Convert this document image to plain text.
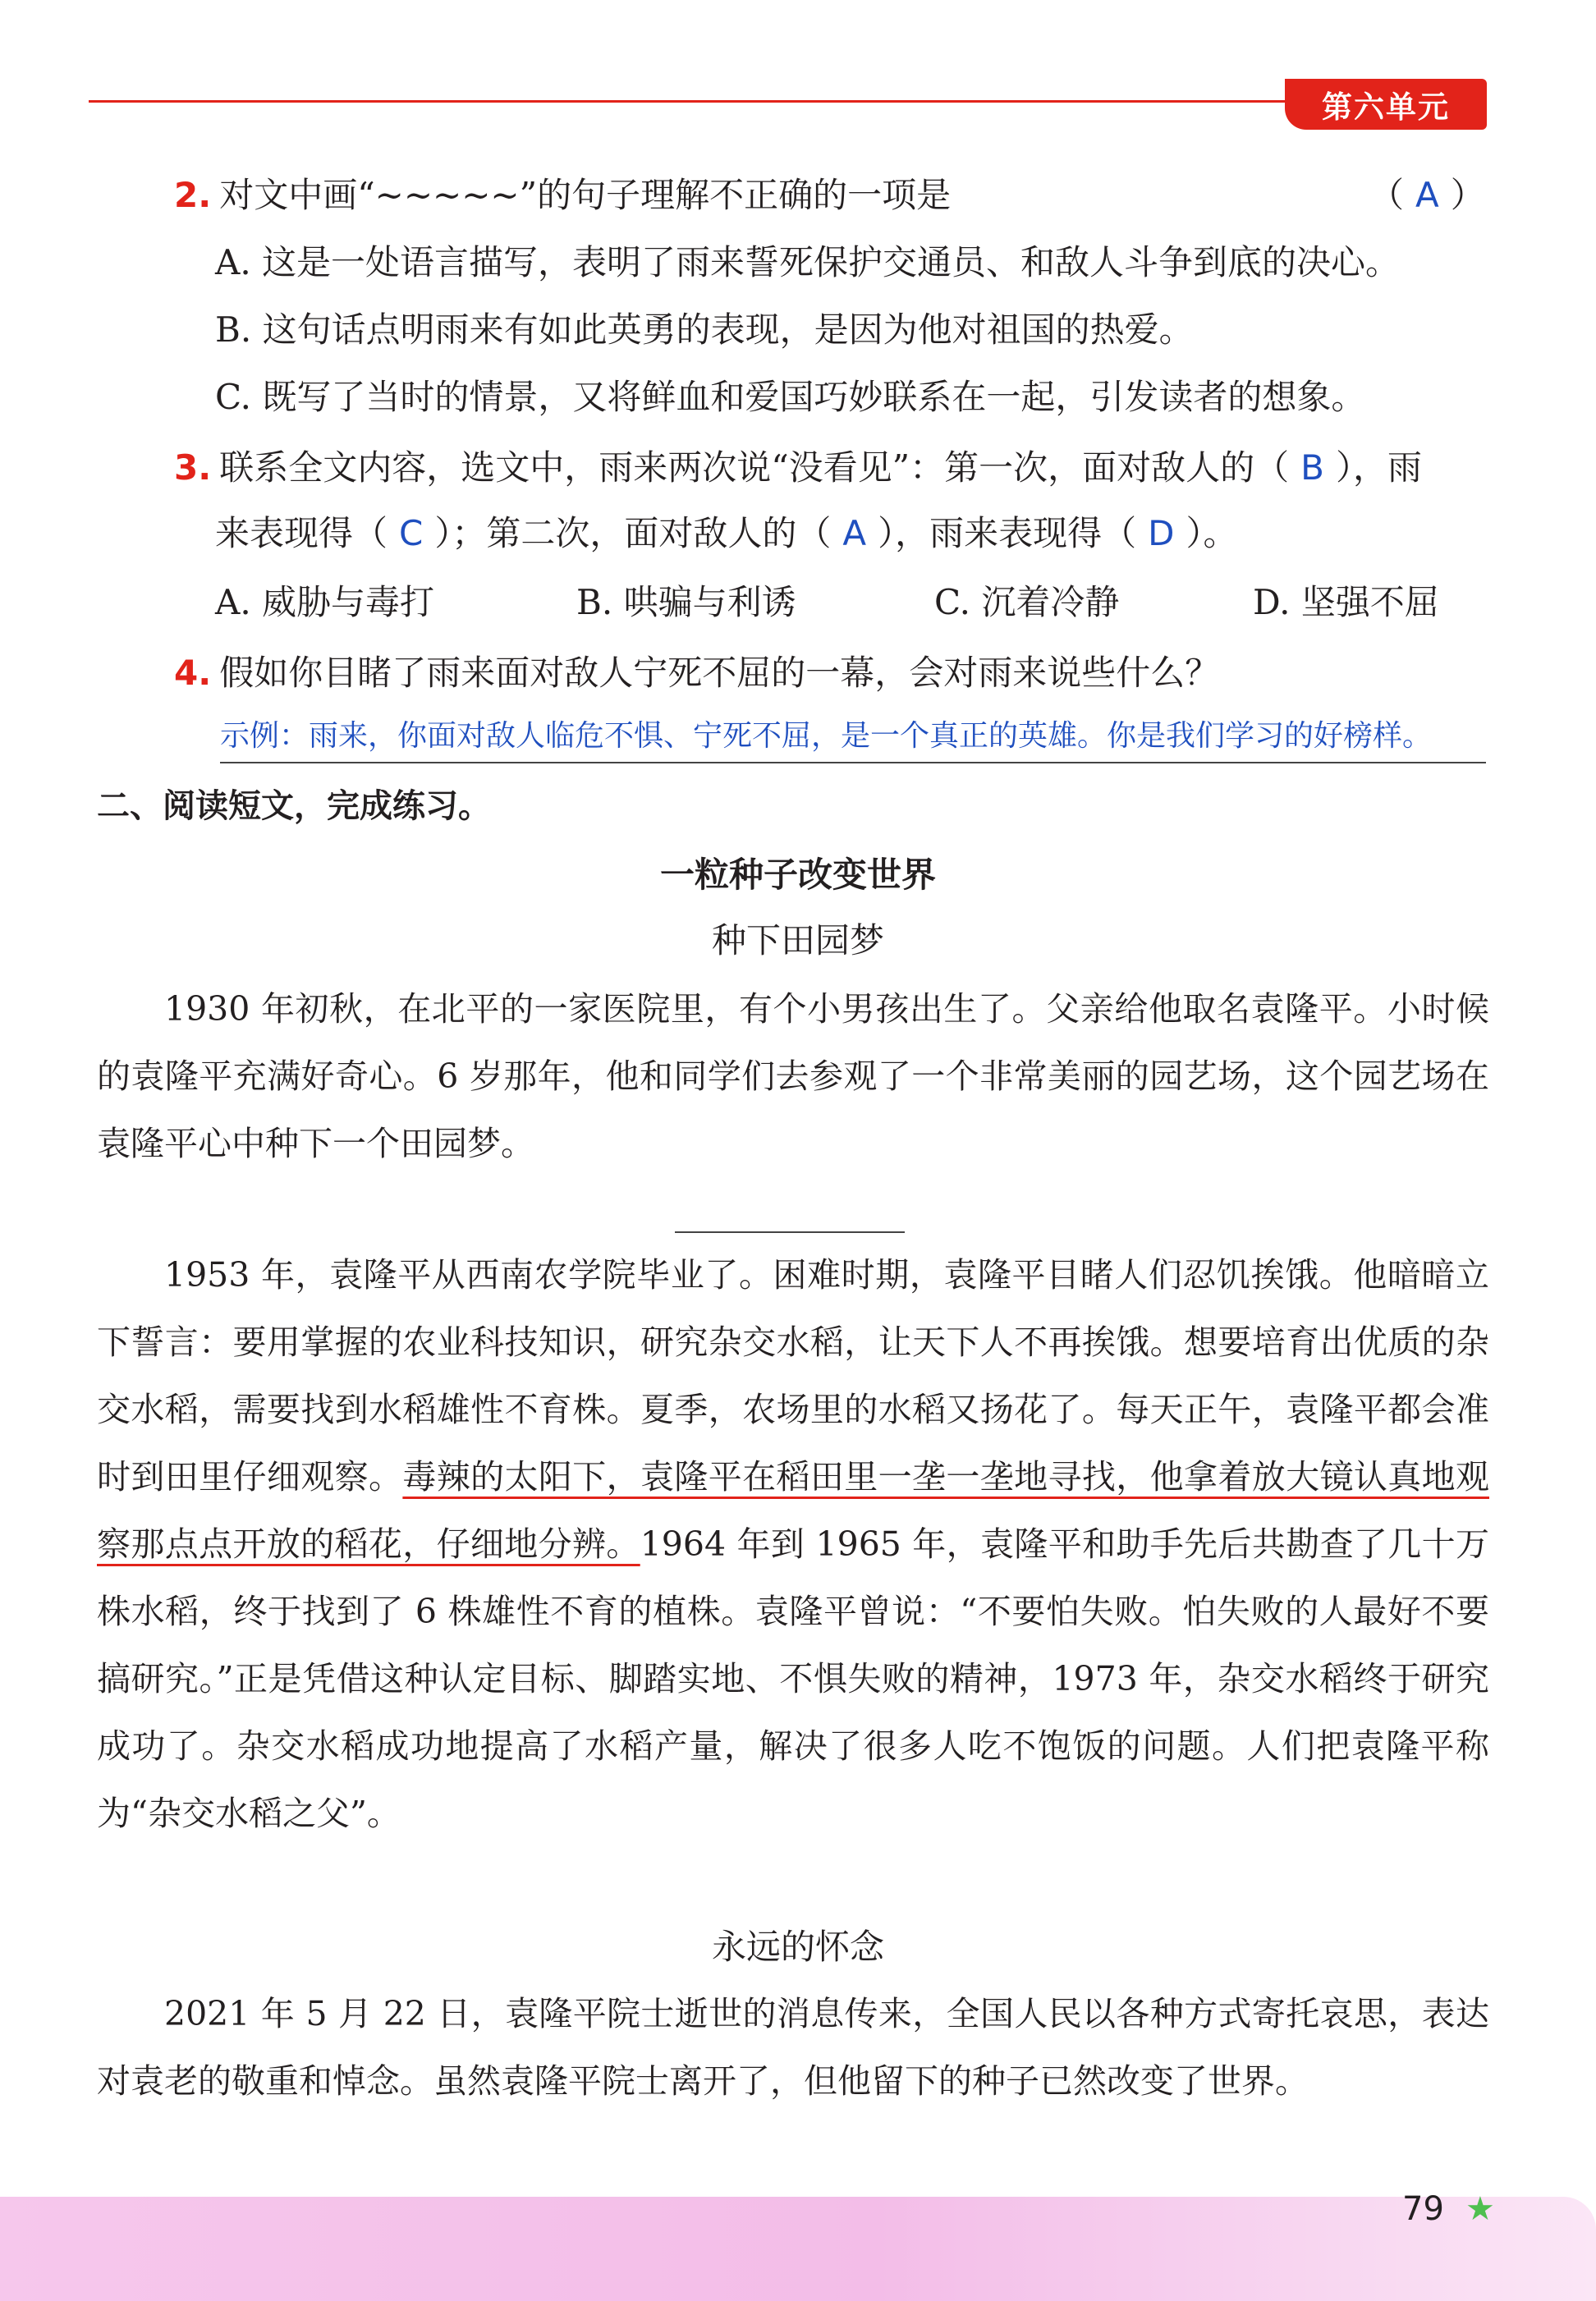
第六单元
2. 对文中画“~~~~~”的句子理解不正确的一项是	（ A ）
A. 这是一处语言描写，表明了雨来誓死保护交通员、和敌人斗争到底的决心。
B. 这句话点明雨来有如此英勇的表现，是因为他对祖国的热爱。
C. 既写了当时的情景，又将鲜血和爱国巧妙联系在一起，引发读者的想象。
3. 联系全文内容，选文中，雨来两次说“没看见”：第一次，面对敌人的（ B ），雨
来表现得（ C ）；第二次，面对敌人的（ A ），雨来表现得（ D ）。
A. 威胁与毒打	B. 哄骗与利诱	C. 沉着冷静	D. 坚强不屈
4. 假如你目睹了雨来面对敌人宁死不屈的一幕，会对雨来说些什么？
示例：雨来，你面对敌人临危不惧、宁死不屈，是一个真正的英雄。你是我们学习的好榜样。
二、阅读短文，完成练习。
一粒种子改变世界
种下田园梦
1930 年初秋，在北平的一家医院里，有个小男孩出生了。父亲给他取名袁隆平。小时候的袁隆平充满好奇心。6 岁那年，他和同学们去参观了一个非常美丽的园艺场，这个园艺场在袁隆平心中种下一个田园梦。
1953 年，袁隆平从西南农学院毕业了。困难时期，袁隆平目睹人们忍饥挨饿。他暗暗立下誓言：要用掌握的农业科技知识，研究杂交水稻，让天下人不再挨饿。想要培育出优质的杂交水稻，需要找到水稻雄性不育株。夏季，农场里的水稻又扬花了。每天正午，袁隆平都会准时到田里仔细观察。毒辣的太阳下，袁隆平在稻田里一垄一垄地寻找，他拿着放大镜认真地观察那点点开放的稻花，仔细地分辨。1964 年到 1965 年，袁隆平和助手先后共勘查了几十万株水稻，终于找到了 6 株雄性不育的植株。袁隆平曾说：“不要怕失败。怕失败的人最好不要搞研究。”正是凭借这种认定目标、脚踏实地、不惧失败的精神，1973 年，杂交水稻终于研究成功了。杂交水稻成功地提高了水稻产量，解决了很多人吃不饱饭的问题。人们把袁隆平称为“杂交水稻之父”。
永远的怀念
2021 年 5 月 22 日，袁隆平院士逝世的消息传来，全国人民以各种方式寄托哀思，表达对袁老的敬重和悼念。虽然袁隆平院士离开了，但他留下的种子已然改变了世界。
79 ★
